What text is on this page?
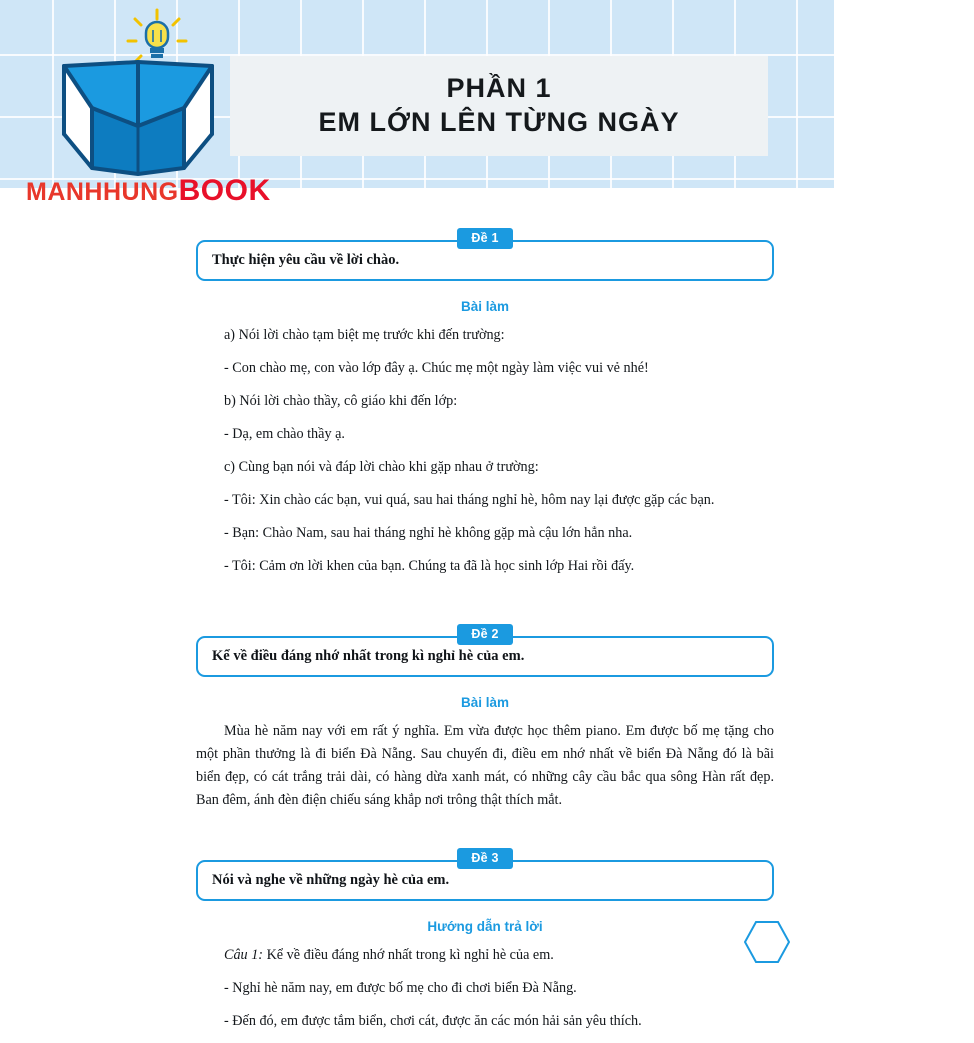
PHẦN 1
EM LỚN LÊN TỪNG NGÀY
MANHHUNGBOOK
Đề 1
Thực hiện yêu cầu về lời chào.
Bài làm

a) Nói lời chào tạm biệt mẹ trước khi đến trường:

- Con chào mẹ, con vào lớp đây ạ. Chúc mẹ một ngày làm việc vui vẻ nhé!

b) Nói lời chào thầy, cô giáo khi đến lớp:

- Dạ, em chào thầy ạ.

c) Cùng bạn nói và đáp lời chào khi gặp nhau ở trường:

- Tôi: Xin chào các bạn, vui quá, sau hai tháng nghỉ hè, hôm nay lại được gặp các bạn.

- Bạn: Chào Nam, sau hai tháng nghỉ hè không gặp mà cậu lớn hẳn nha.

- Tôi: Cảm ơn lời khen của bạn. Chúng ta đã là học sinh lớp Hai rồi đấy.

Đề 2
Kể về điều đáng nhớ nhất trong kì nghỉ hè của em.
Bài làm

Mùa hè năm nay với em rất ý nghĩa. Em vừa được học thêm piano. Em được bố mẹ tặng cho một phần thưởng là đi biển Đà Nẵng. Sau chuyến đi, điều em nhớ nhất về biển Đà Nẵng đó là bãi biển đẹp, có cát trắng trải dài, có hàng dừa xanh mát, có những cây cầu bắc qua sông Hàn rất đẹp. Ban đêm, ánh đèn điện chiếu sáng khắp nơi trông thật thích mắt.

Đề 3
Nói và nghe về những ngày hè của em.
Hướng dẫn trả lời

Câu 1: Kể về điều đáng nhớ nhất trong kì nghỉ hè của em.

- Nghỉ hè năm nay, em được bố mẹ cho đi chơi biển Đà Nẵng.

- Đến đó, em được tắm biển, chơi cát, được ăn các món hải sản yêu thích.
